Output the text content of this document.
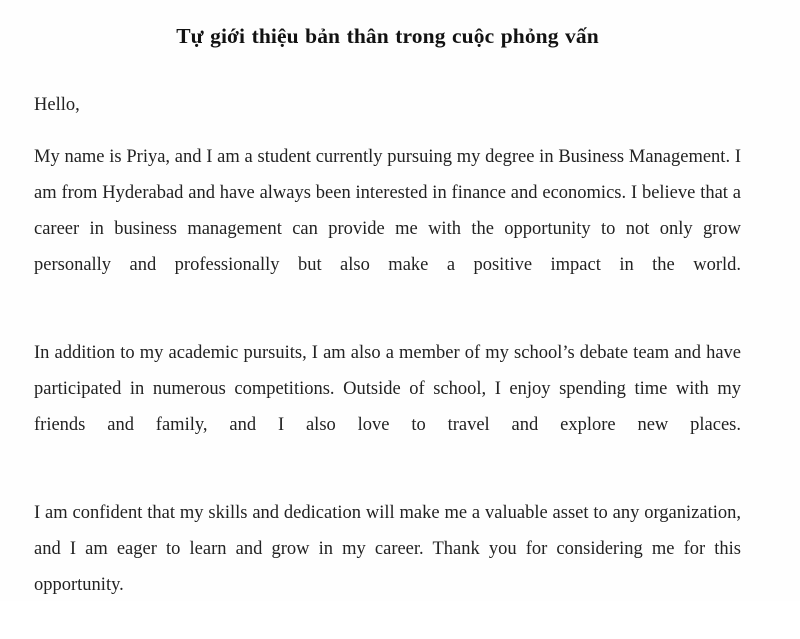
Tự giới thiệu bản thân trong cuộc phỏng vấn

Hello,

My name is Priya, and I am a student currently pursuing my degree in Business Management. I am from Hyderabad and have always been interested in finance and economics. I believe that a career in business management can provide me with the opportunity to not only grow personally and professionally but also make a positive impact in the world.

In addition to my academic pursuits, I am also a member of my school’s debate team and have participated in numerous competitions. Outside of school, I enjoy spending time with my friends and family, and I also love to travel and explore new places.

I am confident that my skills and dedication will make me a valuable asset to any organization, and I am eager to learn and grow in my career. Thank you for considering me for this opportunity.
